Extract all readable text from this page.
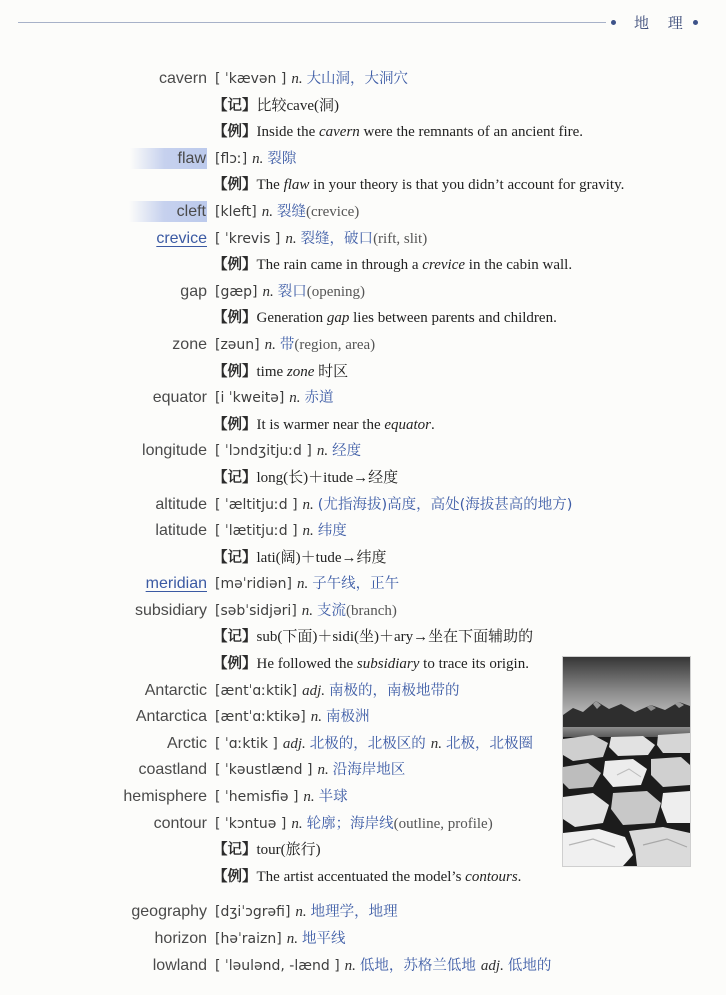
地 理
cavern [ ˈkævən ] n. 大山洞，大洞穴
【记】比较cave(洞)
【例】Inside the cavern were the remnants of an ancient fire.
flaw [flɔː] n. 裂隙
【例】The flaw in your theory is that you didn’t account for gravity.
cleft [kleft] n. 裂缝(crevice)
crevice [ ˈkrevis ] n. 裂缝，破口(rift, slit)
【例】The rain came in through a crevice in the cabin wall.
gap [gæp] n. 裂口(opening)
【例】Generation gap lies between parents and children.
zone [zəun] n. 带(region, area)
【例】time zone 时区
equator [i ˈkweitə] n. 赤道
【例】It is warmer near the equator.
longitude [ ˈlɔndʒitjuːd ] n. 经度
【记】long(长)＋itude→经度
altitude [ ˈæltitjuːd ] n. (尤指海拔)高度，高处(海拔甚高的地方)
latitude [ ˈlætitjuːd ] n. 纬度
【记】lati(阔)＋tude→纬度
meridian [məˈridiən] n. 子午线，正午
subsidiary [səbˈsidjəri] n. 支流(branch)
【记】sub(下面)＋sidi(坐)＋ary→坐在下面辅助的
【例】He followed the subsidiary to trace its origin.
Antarctic [æntˈɑːktik] adj. 南极的，南极地带的
Antarctica [æntˈɑːktikə] n. 南极洲
Arctic [ ˈɑːktik ] adj. 北极的，北极区的 n. 北极，北极圈
coastland [ ˈkəustlænd ] n. 沿海岸地区
hemisphere [ ˈhemisfiə ] n. 半球
contour [ ˈkɔntuə ] n. 轮廓；海岸线(outline, profile)
【记】tour(旅行)
【例】The artist accentuated the model’s contours.
geography [dʒiˈɔgrəfi] n. 地理学，地理
horizon [həˈraizn] n. 地平线
lowland [ ˈləulənd, -lænd ] n. 低地，苏格兰低地 adj. 低地的
